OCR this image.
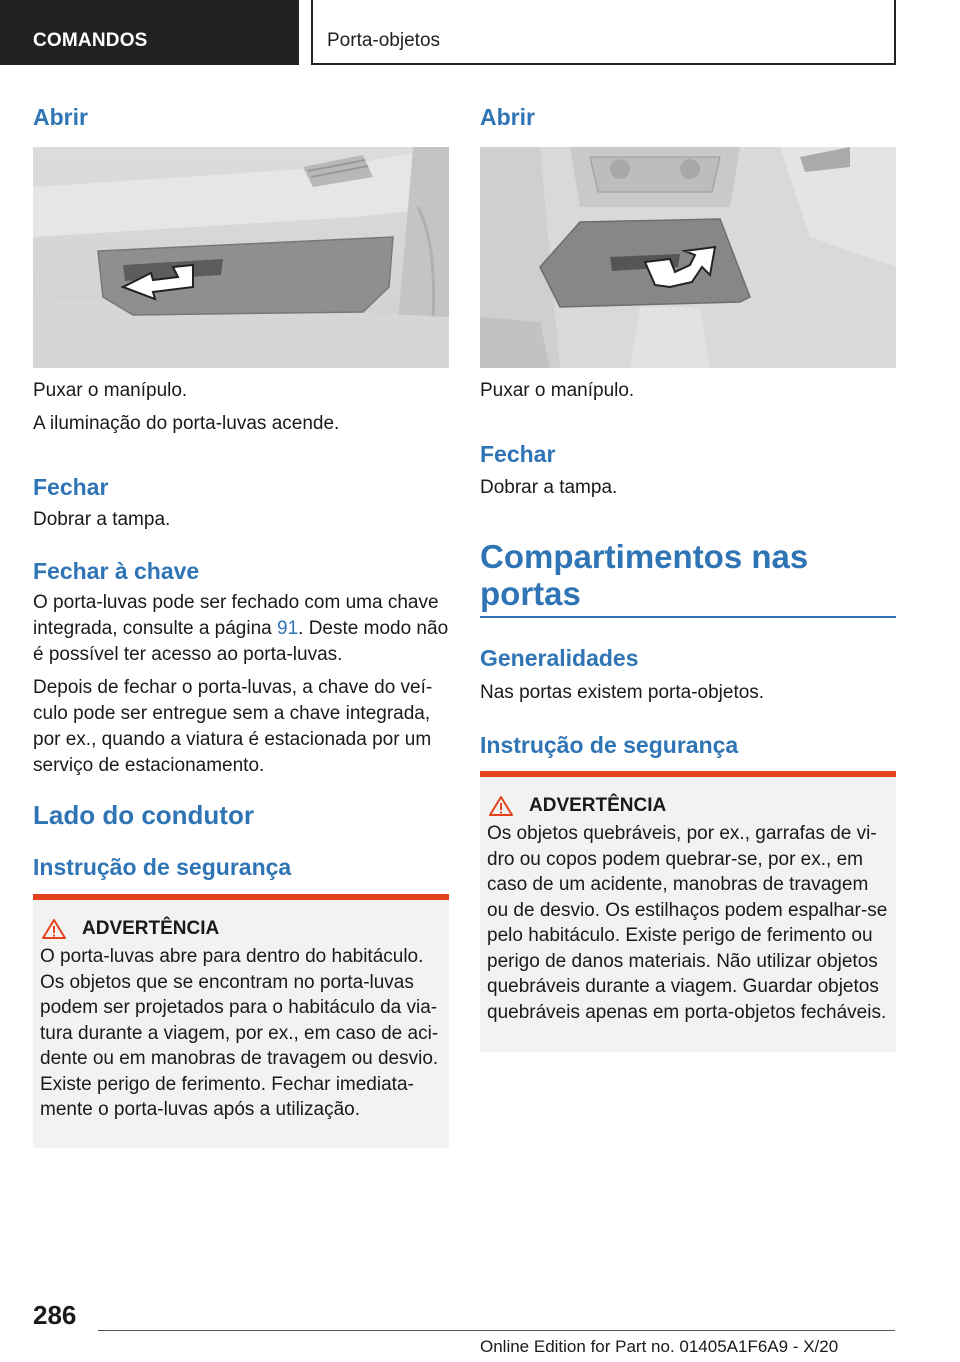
COMANDOS	Porta-objetos
Abrir
Puxar o manípulo.
A iluminação do porta-luvas acende.
Fechar
Dobrar a tampa.
Fechar à chave
O porta-luvas pode ser fechado com uma chave integrada, consulte a página 91. Deste modo não é possível ter acesso ao porta-luvas.
Depois de fechar o porta-luvas, a chave do veí-culo pode ser entregue sem a chave integrada, por ex., quando a viatura é estacionada por um serviço de estacionamento.
Lado do condutor
Instrução de segurança
ADVERTÊNCIA
O porta-luvas abre para dentro do habitáculo. Os objetos que se encontram no porta-luvas podem ser projetados para o habitáculo da via-tura durante a viagem, por ex., em caso de aci-dente ou em manobras de travagem ou desvio. Existe perigo de ferimento. Fechar imediata-mente o porta-luvas após a utilização.
Abrir
Puxar o manípulo.
Fechar
Dobrar a tampa.
Compartimentos nas portas
Generalidades
Nas portas existem porta-objetos.
Instrução de segurança
ADVERTÊNCIA
Os objetos quebráveis, por ex., garrafas de vi-dro ou copos podem quebrar-se, por ex., em caso de um acidente, manobras de travagem ou de desvio. Os estilhaços podem espalhar-se pelo habitáculo. Existe perigo de ferimento ou perigo de danos materiais. Não utilizar objetos quebráveis durante a viagem. Guardar objetos quebráveis apenas em porta-objetos fecháveis.
286
Online Edition for Part no. 01405A1F6A9 - X/20
